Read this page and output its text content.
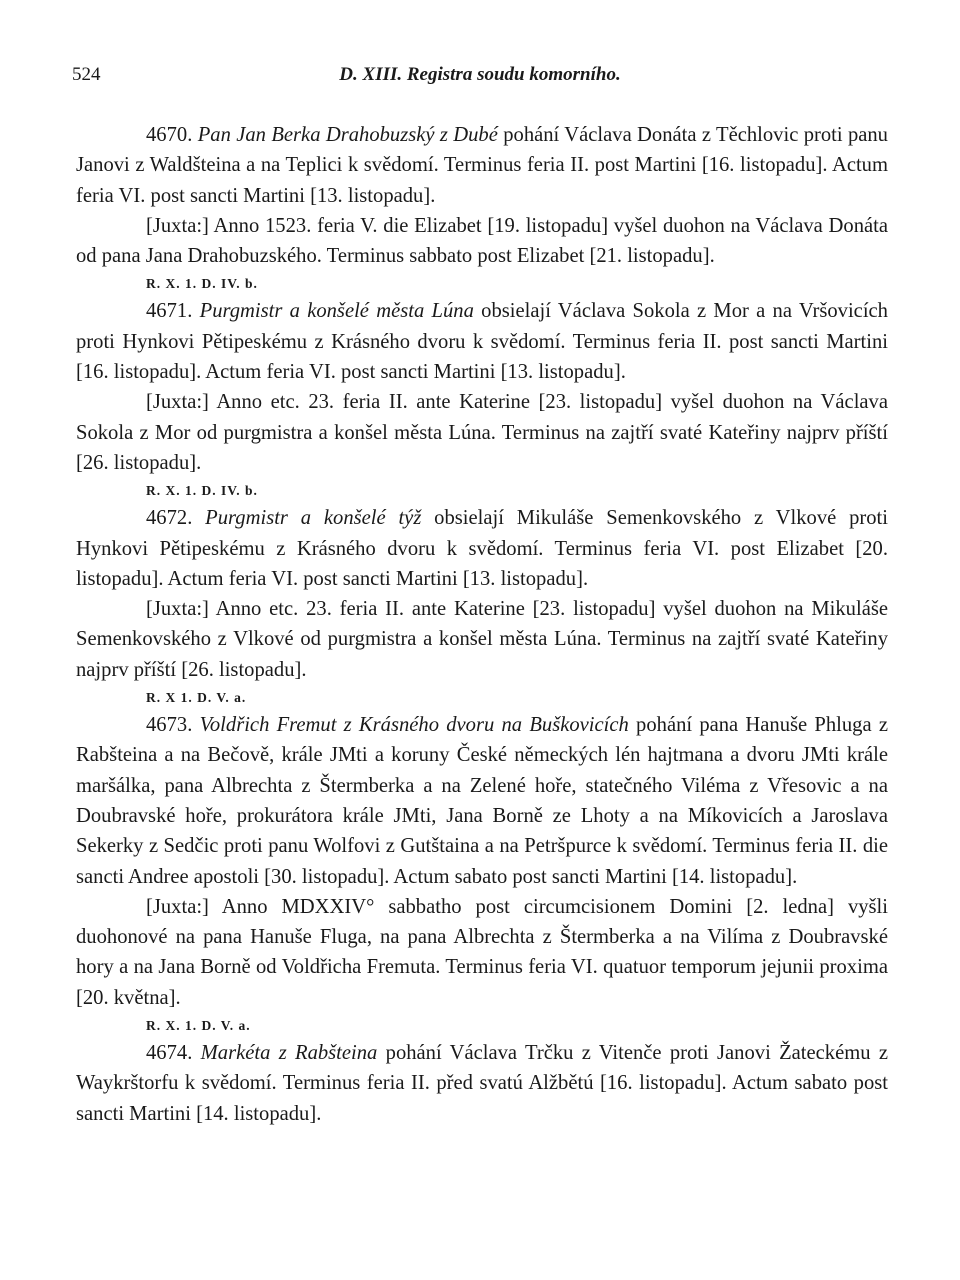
524	D. XIII. Registra soudu komorního.

4670. Pan Jan Berka Drahobuzský z Dubé pohání Václava Donáta z Těchlovic proti panu Janovi z Waldšteina a na Teplici k svědomí. Terminus feria II. post Martini [16. listopadu]. Actum feria VI. post sancti Martini [13. listopadu].

[Juxta:] Anno 1523. feria V. die Elizabet [19. listopadu] vyšel duohon na Václava Donáta od pana Jana Drahobuzského. Terminus sabbato post Elizabet [21. listopadu].

R. X. 1. D. IV. b.

4671. Purgmistr a konšelé města Lúna obsielají Václava Sokola z Mor a na Vršovicích proti Hynkovi Pětipeskému z Krásného dvoru k svědomí. Terminus feria II. post sancti Martini [16. listopadu]. Actum feria VI. post sancti Martini [13. listopadu].

[Juxta:] Anno etc. 23. feria II. ante Katerine [23. listopadu] vyšel duohon na Václava Sokola z Mor od purgmistra a konšel města Lúna. Terminus na zajtří svaté Kateřiny najprv příští [26. listopadu].

R. X. 1. D. IV. b.

4672. Purgmistr a konšelé týž obsielají Mikuláše Semenkovského z Vlkové proti Hynkovi Pětipeskému z Krásného dvoru k svědomí. Terminus feria VI. post Elizabet [20. listopadu]. Actum feria VI. post sancti Martini [13. listopadu].

[Juxta:] Anno etc. 23. feria II. ante Katerine [23. listopadu] vyšel duohon na Mikuláše Semenkovského z Vlkové od purgmistra a konšel města Lúna. Terminus na zajtří svaté Kateřiny najprv příští [26. listopadu].

R. X 1. D. V. a.

4673. Voldřich Fremut z Krásného dvoru na Buškovicích pohání pana Hanuše Phluga z Rabšteina a na Bečově, krále JMti a koruny České německých lén hajtmana a dvoru JMti krále maršálka, pana Albrechta z Štermberka a na Zelené hoře, statečného Viléma z Vřesovic a na Doubravské hoře, prokurátora krále JMti, Jana Borně ze Lhoty a na Míkovicích a Jaroslava Sekerky z Sedčic proti panu Wolfovi z Gutštaina a na Petršpurce k svědomí. Terminus feria II. die sancti Andree apostoli [30. listopadu]. Actum sabato post sancti Martini [14. listopadu].

[Juxta:] Anno MDXXIV° sabbatho post circumcisionem Domini [2. ledna] vyšli duohonové na pana Hanuše Fluga, na pana Albrechta z Štermberka a na Vilíma z Doubravské hory a na Jana Borně od Voldřicha Fremuta. Terminus feria VI. quatuor temporum jejunii proxima [20. května].

R. X. 1. D. V. a.

4674. Markéta z Rabšteina pohání Václava Trčku z Vitenče proti Janovi Žateckému z Waykrštorfu k svědomí. Terminus feria II. před svatú Alžbětú [16. listopadu]. Actum sabato post sancti Martini [14. listopadu].
